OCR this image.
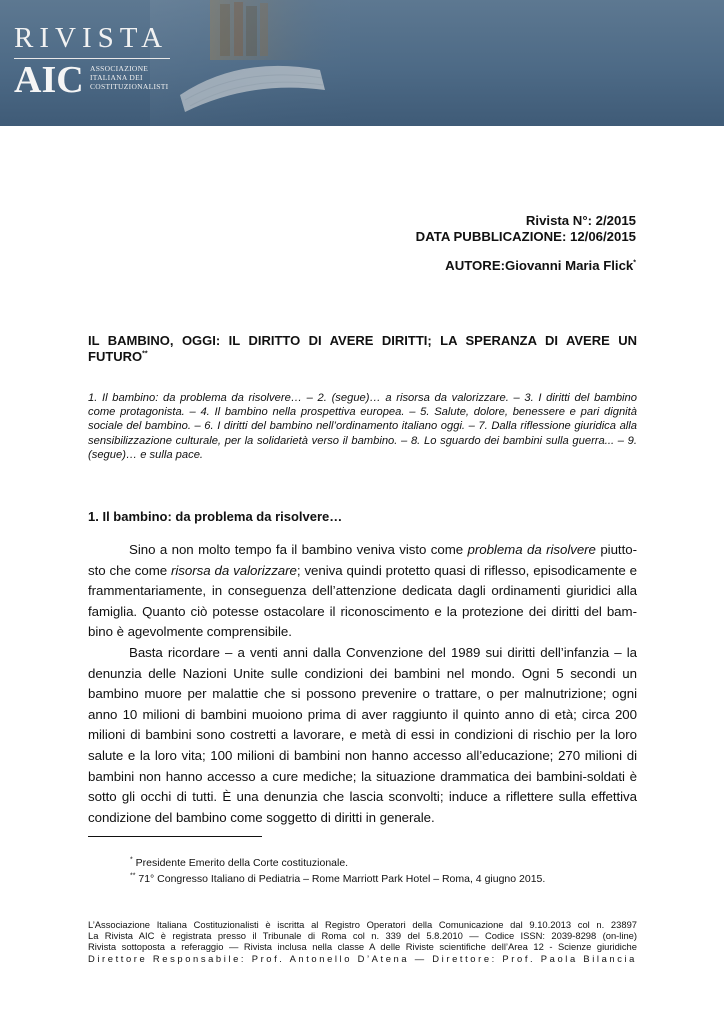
RIVISTA
AIC ASSOCIAZIONE
ITALIANA DEI
COSTITUZIONALISTI
Rivista N°: 2/2015
DATA PUBBLICAZIONE: 12/06/2015
AUTORE:Giovanni Maria Flick*

IL BAMBINO, OGGI: IL DIRITTO DI AVERE DIRITTI; LA SPERANZA DI AVERE UN FUTURO**

1. Il bambino: da problema da risolvere… – 2. (segue)… a risorsa da valorizzare. – 3. I diritti del bambino come protagonista. – 4. Il bambino nella prospettiva europea. – 5. Salute, dolore, benessere e pari dignità sociale del bambino. – 6. I diritti del bambino nell’ordinamento italiano oggi. – 7. Dalla riflessione giuridica alla sensibilizzazione culturale, per la solidarietà verso il bambino. – 8. Lo sguardo dei bambini sulla guerra... – 9. (segue)… e sulla pace.

1. Il bambino: da problema da risolvere…

Sino a non molto tempo fa il bambino veniva visto come problema da risolvere piuttosto che come risorsa da valorizzare; veniva quindi protetto quasi di riflesso, episodicamente e frammentariamente, in conseguenza dell’attenzione dedicata dagli ordinamenti giuridici alla famiglia. Quanto ciò potesse ostacolare il riconoscimento e la protezione dei diritti del bambino è agevolmente comprensibile.

Basta ricordare – a venti anni dalla Convenzione del 1989 sui diritti dell’infanzia – la denunzia delle Nazioni Unite sulle condizioni dei bambini nel mondo. Ogni 5 secondi un bambino muore per malattie che si possono prevenire o trattare, o per malnutrizione; ogni anno 10 milioni di bambini muoiono prima di aver raggiunto il quinto anno di età; circa 200 milioni di bambini sono costretti a lavorare, e metà di essi in condizioni di rischio per la loro salute e la loro vita; 100 milioni di bambini non hanno accesso all’educazione; 270 milioni di bambini non hanno accesso a cure mediche; la situazione drammatica dei bambini-soldati è sotto gli occhi di tutti. È una denunzia che lascia sconvolti; induce a riflettere sulla effettiva condizione del bambino come soggetto di diritti in generale.

* Presidente Emerito della Corte costituzionale.
** 71° Congresso Italiano di Pediatria – Rome Marriott Park Hotel – Roma, 4 giugno 2015.
L’Associazione Italiana Costituzionalisti è iscritta al Registro Operatori della Comunicazione dal 9.10.2013 col n. 23897
La Rivista AIC è registrata presso il Tribunale di Roma col n. 339 del 5.8.2010 — Codice ISSN: 2039-8298 (on-line)
Rivista sottoposta a referaggio — Rivista inclusa nella classe A delle Riviste scientifiche dell’Area 12 - Scienze giuridiche
Direttore Responsabile: Prof. Antonello D’Atena — Direttore: Prof. Paola Bilancia
